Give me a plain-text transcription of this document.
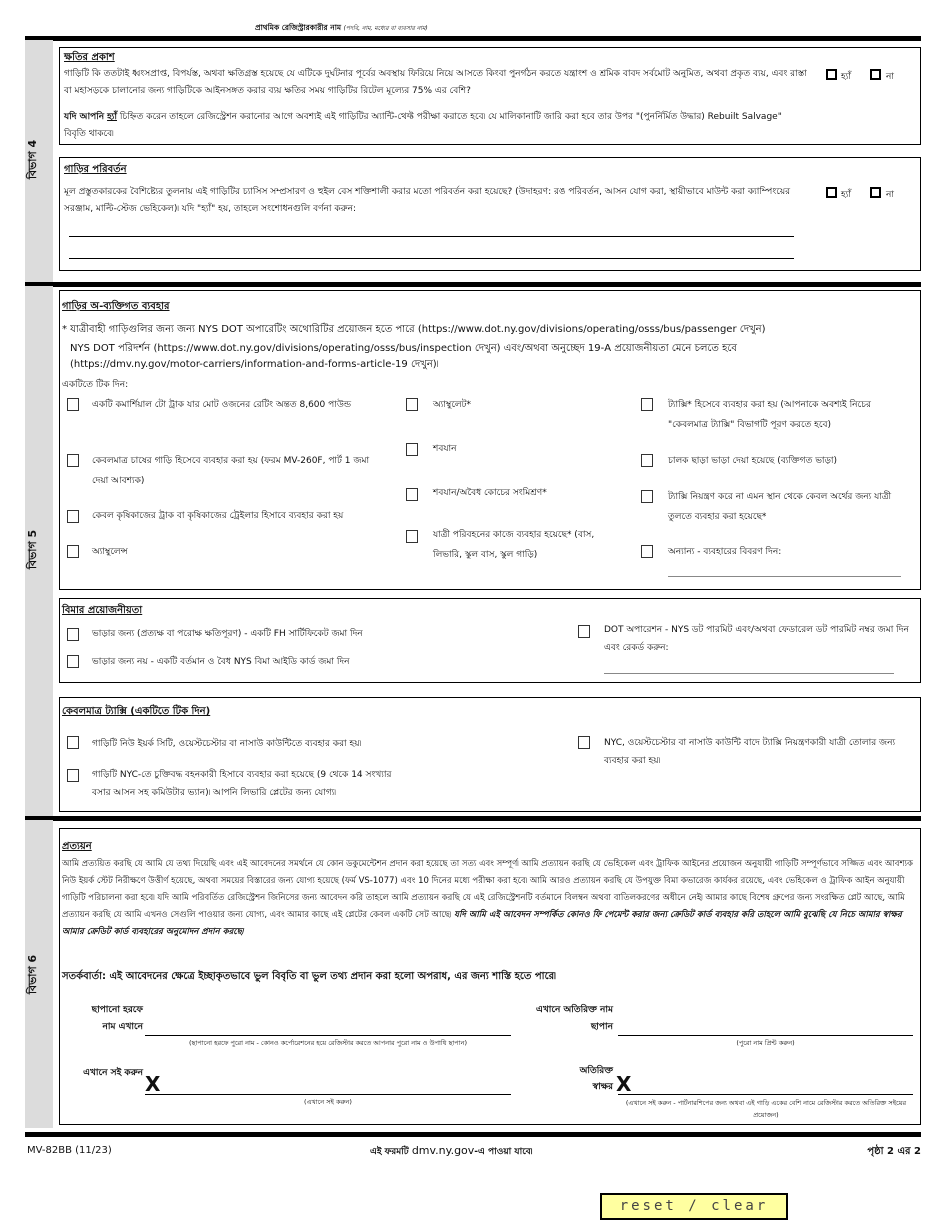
প্রাথমিক রেজিস্ট্রারকারীর নাম (পদবি, নাম, মধ্যের বা ব্যবসার নাম)
বিভাগ 4
ক্ষতির প্রকাশ
গাড়িটি কি ততটাই ধ্বংসপ্রাপ্ত, বিপর্যস্ত, অথবা ক্ষতিগ্রস্ত হয়েছে যে এটিকে দুর্ঘটনার পূর্বের অবস্থায় ফিরিয়ে নিয়ে আসতে কিংবা পুনর্গঠন করতে যন্ত্রাংশ ও শ্রমিক বাবদ সর্বমোট অনুমিত, অথবা প্রকৃত ব্যয়, এবং রাস্তা বা মহাসড়কে চালানোর জন্য গাড়িটিকে আইনসঙ্গত করার ব্যয় ক্ষতির সময় গাড়িটির রিটেল মূল্যের 75% এর বেশি?
যদি আপনি হ্যাঁ চিহ্নিত করেন তাহলে রেজিস্ট্রেশন করানোর আগে অবশ্যই এই গাড়িটির অ্যান্টি-থেফ্ট পরীক্ষা করাতে হবে৷ যে মালিকানাটি জারি করা হবে তার উপর "(পুনর্নির্মিত উদ্ধার) Rebuilt Salvage" বিবৃতি থাকবে৷
হ্যাঁ	না
গাড়ির পরিবর্তন
মূল প্রস্তুতকারকের বৈশিষ্ট্যের তুলনায় এই গাড়িটির চ্যাসিস সম্প্রসারণ ও হুইল বেস শক্তিশালী করার মতো পরিবর্তন করা হয়েছে? (উদাহরণ: রঙ পরিবর্তন, আসন যোগ করা, স্থায়ীভাবে মাউন্ট করা ক্যাম্পিংয়ের সরঞ্জাম, মাল্টি-স্টেজ ভেহিকেল)৷ যদি "হ্যাঁ" হয়, তাহলে সংশোধনগুলি বর্ণনা করুন:
হ্যাঁ	না
বিভাগ 5
গাড়ির অ-ব্যক্তিগত ব্যবহার
* যাত্রীবাহী গাড়িগুলির জন্য জন্য NYS DOT অপারেটিং অথোরিটির প্রয়োজন হতে পারে (https://www.dot.ny.gov/divisions/operating/osss/bus/passenger দেখুন)
NYS DOT পরিদর্শন (https://www.dot.ny.gov/divisions/operating/osss/bus/inspection দেখুন) এবং/অথবা অনুচ্ছেদ 19-A প্রয়োজনীয়তা মেনে চলতে হবে
(https://dmv.ny.gov/motor-carriers/information-and-forms-article-19 দেখুন)৷
একটিতে টিক দিন:
একটি কমার্শিয়াল টো ট্রাক যার মোট ওজনের রেটিং অন্তত 8,600 পাউন্ড
কেবলমাত্র চাষের গাড়ি হিসেবে ব্যবহার করা হয় (ফরম MV-260F, পার্ট 1 জমা দেয়া আবশ্যক)
কেবল কৃষিকাজের ট্রাক বা কৃষিকাজের ট্রেইলার হিসাবে ব্যবহার করা হয়
অ্যাম্বুলেন্স
অ্যাম্বুলেট*
শবযান
শবযান/অবৈধ কোচের সংমিশ্রণ*
যাত্রী পরিবহনের কাজে ব্যবহার হয়েছে* (বাস, লিভারি, স্কুল বাস, স্কুল গাড়ি)
ট্যাক্সি* হিসেবে ব্যবহার করা হয় (আপনাকে অবশ্যই নিচের "কেবলমাত্র ট্যাক্সি" বিভাগটি পূরণ করতে হবে)
চালক ছাড়া ভাড়া দেয়া হয়েছে (ব্যক্তিগত ভাড়া)
ট্যাক্সি নিয়ন্ত্রণ করে না এমন স্থান থেকে কেবল অর্থের জন্য যাত্রী তুলতে ব্যবহার করা হয়েছে*
অন্যান্য - ব্যবহারের বিবরণ দিন:
বিমার প্রয়োজনীয়তা
ভাড়ার জন্য (প্রত্যক্ষ বা পরোক্ষ ক্ষতিপূরণ) - একটি FH সার্টিফিকেট জমা দিন
ভাড়ার জন্য নয় - একটি বর্তমান ও বৈধ NYS বিমা আইডি কার্ড জমা দিন
DOT অপারেশন - NYS ডট পারমিট এবং/অথবা ফেডারেল ডট পারমিট নম্বর জমা দিন এবং রেকর্ড করুন:
কেবলমাত্র ট্যাক্সি (একটিতে টিক দিন)
গাড়িটি নিউ ইয়র্ক সিটি, ওয়েস্টচেস্টার বা নাসাউ কাউন্টিতে ব্যবহার করা হয়৷
গাড়িটি NYC-তে চুক্তিবদ্ধ বহনকারী হিসাবে ব্যবহার করা হয়েছে (9 থেকে 14 সংখ্যার বসার আসন সহ কমিউটার ভ্যান)৷ আপনি লিভারি প্লেটের জন্য যোগ্য৷
NYC, ওয়েস্টচেস্টার বা নাসাউ কাউন্টি বাদে ট্যাক্সি নিয়ন্ত্রণকারী যাত্রী তোলার জন্য ব্যবহার করা হয়৷
বিভাগ 6
প্রত্যয়ন
আমি প্রত্যয়িত করছি যে আমি যে তথ্য দিয়েছি এবং এই আবেদনের সমর্থনে যে কোন ডকুমেন্টেশন প্রদান করা হয়েছে তা সত্য এবং সম্পূর্ণ৷ আমি প্রত্যায়ন করছি যে ভেহিকেল এবং ট্রাফিক আইনের প্রয়োজন অনুযায়ী গাড়িটি সম্পূর্ণভাবে সজ্জিত এবং আবশ্যক নিউ ইয়র্ক স্টেট নিরীক্ষণে উত্তীর্ণ হয়েছে, অথবা সময়ের বিস্তারের জন্য যোগ্য হয়েছে (ফর্ম VS-1077) এবং 10 দিনের মধ্যে পরীক্ষা করা হবে৷ আমি আরও প্রত্যায়ন করছি যে উপযুক্ত বিমা কভারেজ কার্যকর রয়েছে, এবং ভেহিকেল ও ট্রাফিক আইন অনুযায়ী গাড়িটি পরিচালনা করা হবে৷ যদি আমি পরিবর্তিত রেজিস্ট্রেশন জিনিসের জন্য আবেদন করি তাহলে আমি প্রত্যায়ন করছি যে এই রেজিস্ট্রেশনটি বর্তমানে বিলম্বন অথবা বাতিলকরণের অধীনে নেই৷ আমার কাছে বিশেষ গ্রুপের জন্য সংরক্ষিত প্লেট আছে, আমি প্রত্যায়ন করছি যে আমি এখনও সেগুলি পাওয়ার জন্য যোগ্য, এবং আমার কাছে এই প্লেটের কেবল একটি সেট আছে৷ যদি আমি এই আবেদন সম্পর্কিত কোনও ফি পেমেন্ট করার জন্য ক্রেডিট কার্ড ব্যবহার করি তাহলে আমি বুঝেছি যে নিচে আমার স্বাক্ষর আমার ক্রেডিট কার্ড ব্যবহারের অনুমোদন প্রদান করছে৷
সতর্কবার্তা: এই আবেদনের ক্ষেত্রে ইচ্ছাকৃতভাবে ভুল বিবৃতি বা ভুল তথ্য প্রদান করা হলো অপরাধ, এর জন্য শাস্তি হতে পারে৷
ছাপানো হরফে
নাম এখানে
(ছাপানো হরফে পুরো নাম - কোনও কর্পোরেশনের হয়ে রেজিস্টার করতে আপনার পুরো নাম ও উপাধি ছাপান)
এখানে অতিরিক্ত নাম
ছাপান
(পুরো নাম প্রিন্ট করুন)
এখানে সই করুন X
(এখানে সই করুন)
অতিরিক্ত
স্বাক্ষর X
(এখানে সই করুন - পার্টনারশিপের জন্য অথবা এই গাড়ি একের বেশি নামে রেজিস্টার করতে অতিরিক্ত সইয়ের প্রয়োজন)
MV-82BB (11/23)	এই ফরমটি dmv.ny.gov-এ পাওয়া যাবে৷	পৃষ্ঠা 2 এর 2
reset / clear
